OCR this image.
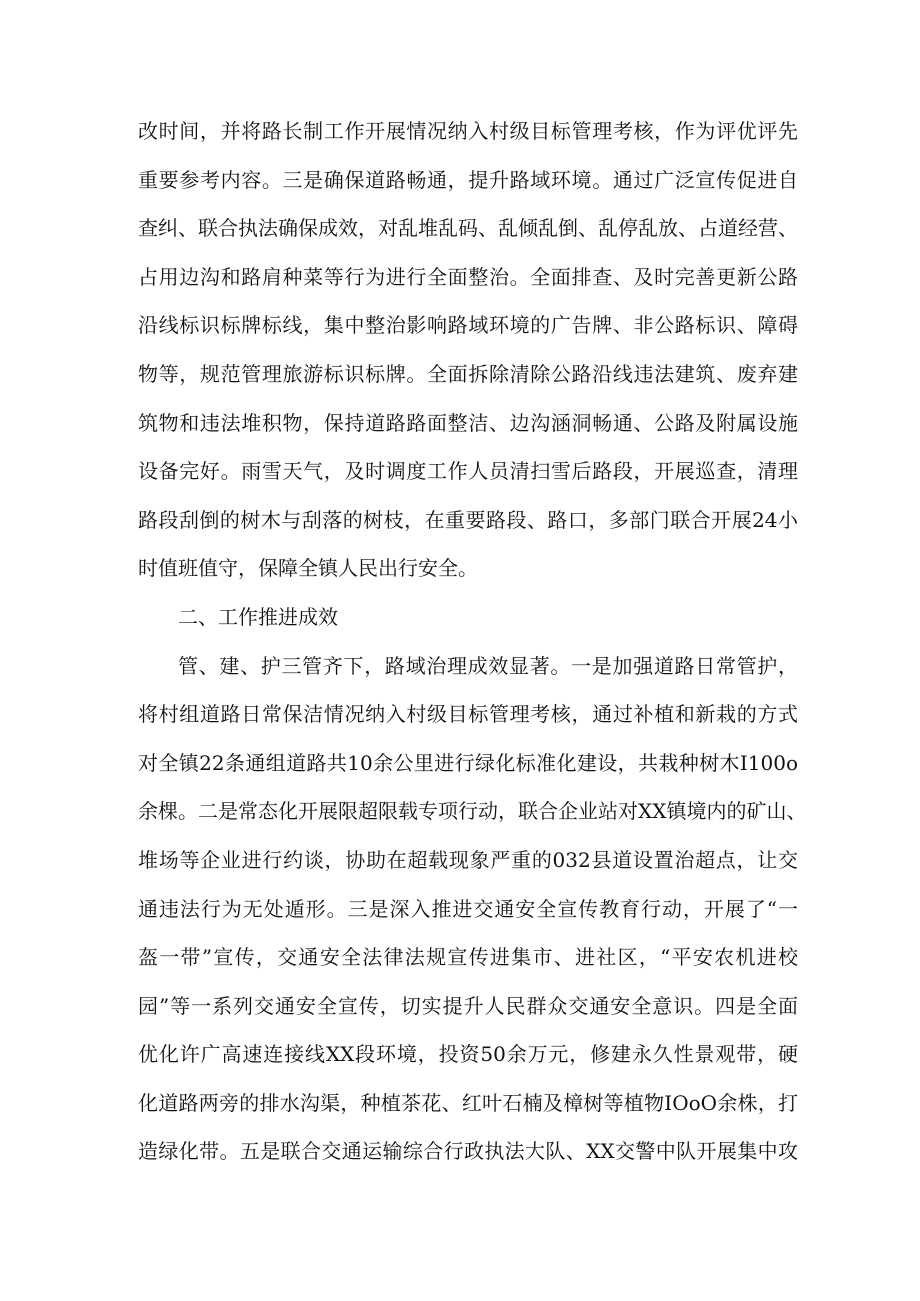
改时间，并将路长制工作开展情况纳入村级目标管理考核，作为评优评先
重要参考内容。三是确保道路畅通，提升路域环境。通过广泛宣传促进自
查纠、联合执法确保成效，对乱堆乱码、乱倾乱倒、乱停乱放、占道经营、
占用边沟和路肩种菜等行为进行全面整治。全面排查、及时完善更新公路
沿线标识标牌标线，集中整治影响路域环境的广告牌、非公路标识、障碍
物等，规范管理旅游标识标牌。全面拆除清除公路沿线违法建筑、废弃建
筑物和违法堆积物，保持道路路面整洁、边沟涵洞畅通、公路及附属设施
设备完好。雨雪天气，及时调度工作人员清扫雪后路段，开展巡查，清理
路段刮倒的树木与刮落的树枝，在重要路段、路口，多部门联合开展24小
时值班值守，保障全镇人民出行安全。
二、工作推进成效
管、建、护三管齐下，路域治理成效显著。一是加强道路日常管护，
将村组道路日常保洁情况纳入村级目标管理考核，通过补植和新栽的方式
对全镇22条通组道路共10余公里进行绿化标准化建设，共栽种树木I100o
余棵。二是常态化开展限超限载专项行动，联合企业站对XX镇境内的矿山、
堆场等企业进行约谈，协助在超载现象严重的032县道设置治超点，让交
通违法行为无处遁形。三是深入推进交通安全宣传教育行动，开展了“一
盔一带”宣传，交通安全法律法规宣传进集市、进社区，“平安农机进校
园”等一系列交通安全宣传，切实提升人民群众交通安全意识。四是全面
优化许广高速连接线XX段环境，投资50余万元，修建永久性景观带，硬
化道路两旁的排水沟渠，种植茶花、红叶石楠及樟树等植物IOoO余株，打
造绿化带。五是联合交通运输综合行政执法大队、XX交警中队开展集中攻
